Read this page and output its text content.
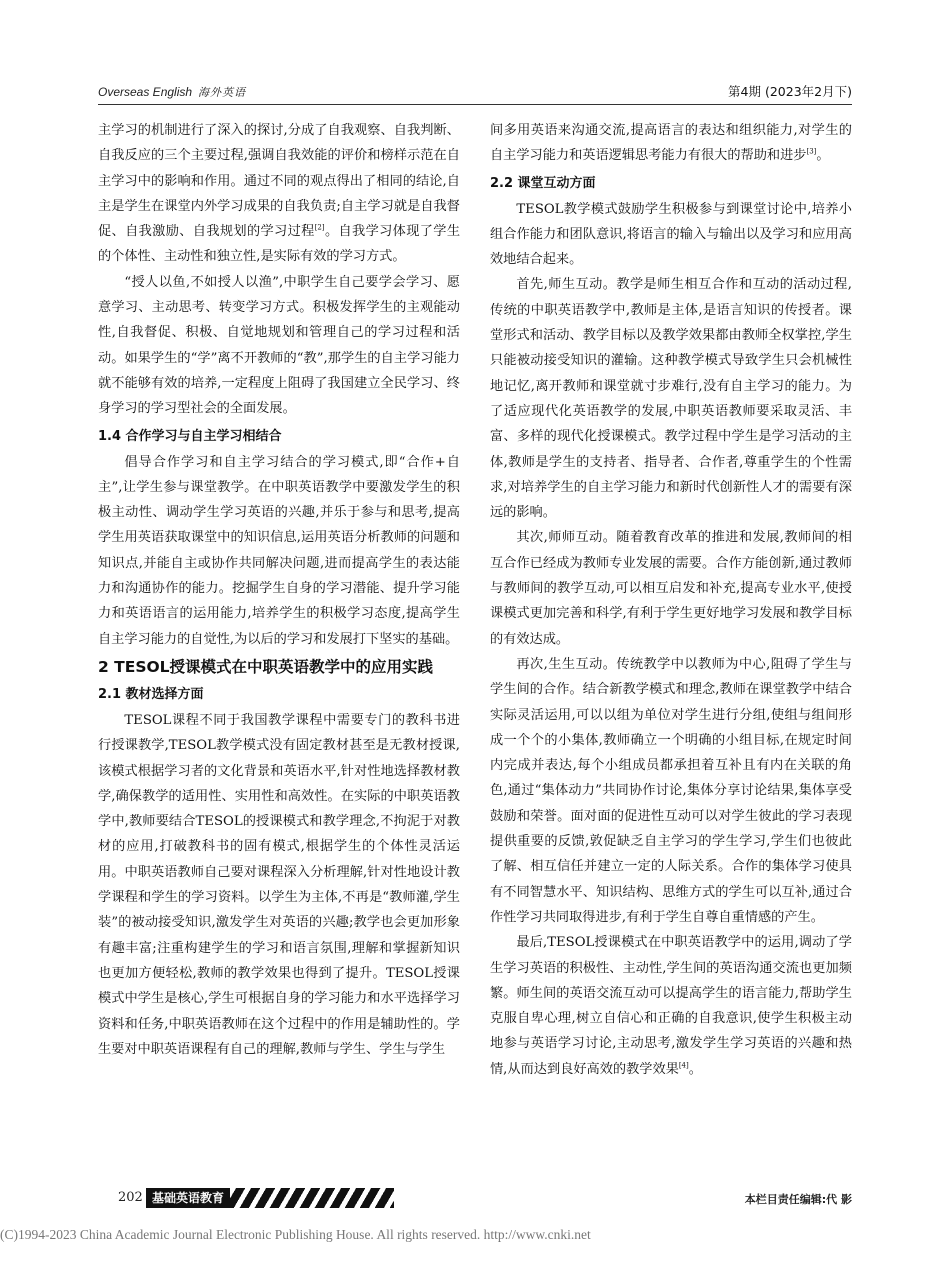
Overseas English 海外英语	第4期 (2023年2月下)

主学习的机制进行了深入的探讨,分成了自我观察、自我判断、自我反应的三个主要过程,强调自我效能的评价和榜样示范在自主学习中的影响和作用。通过不同的观点得出了相同的结论,自主是学生在课堂内外学习成果的自我负责;自主学习就是自我督促、自我激励、自我规划的学习过程[2]。自我学习体现了学生的个体性、主动性和独立性,是实际有效的学习方式。

“授人以鱼,不如授人以渔”,中职学生自己要学会学习、愿意学习、主动思考、转变学习方式。积极发挥学生的主观能动性,自我督促、积极、自觉地规划和管理自己的学习过程和活动。如果学生的“学”离不开教师的“教”,那学生的自主学习能力就不能够有效的培养,一定程度上阻碍了我国建立全民学习、终身学习的学习型社会的全面发展。

1.4 合作学习与自主学习相结合

倡导合作学习和自主学习结合的学习模式,即“合作+自主”,让学生参与课堂教学。在中职英语教学中要激发学生的积极主动性、调动学生学习英语的兴趣,并乐于参与和思考,提高学生用英语获取课堂中的知识信息,运用英语分析教师的问题和知识点,并能自主或协作共同解决问题,进而提高学生的表达能力和沟通协作的能力。挖掘学生自身的学习潜能、提升学习能力和英语语言的运用能力,培养学生的积极学习态度,提高学生自主学习能力的自觉性,为以后的学习和发展打下坚实的基础。

2 TESOL授课模式在中职英语教学中的应用实践
2.1 教材选择方面

TESOL课程不同于我国教学课程中需要专门的教科书进行授课教学,TESOL教学模式没有固定教材甚至是无教材授课,该模式根据学习者的文化背景和英语水平,针对性地选择教材教学,确保教学的适用性、实用性和高效性。在实际的中职英语教学中,教师要结合TESOL的授课模式和教学理念,不拘泥于对教材的应用,打破教科书的固有模式,根据学生的个体性灵活运用。中职英语教师自己要对课程深入分析理解,针对性地设计教学课程和学生的学习资料。以学生为主体,不再是“教师灌,学生装”的被动接受知识,激发学生对英语的兴趣;教学也会更加形象有趣丰富;注重构建学生的学习和语言氛围,理解和掌握新知识也更加方便轻松,教师的教学效果也得到了提升。TESOL授课模式中学生是核心,学生可根据自身的学习能力和水平选择学习资料和任务,中职英语教师在这个过程中的作用是辅助性的。学生要对中职英语课程有自己的理解,教师与学生、学生与学生

间多用英语来沟通交流,提高语言的表达和组织能力,对学生的自主学习能力和英语逻辑思考能力有很大的帮助和进步[3]。

2.2 课堂互动方面

TESOL教学模式鼓励学生积极参与到课堂讨论中,培养小组合作能力和团队意识,将语言的输入与输出以及学习和应用高效地结合起来。

首先,师生互动。教学是师生相互合作和互动的活动过程,传统的中职英语教学中,教师是主体,是语言知识的传授者。课堂形式和活动、教学目标以及教学效果都由教师全权掌控,学生只能被动接受知识的灌输。这种教学模式导致学生只会机械性地记忆,离开教师和课堂就寸步难行,没有自主学习的能力。为了适应现代化英语教学的发展,中职英语教师要采取灵活、丰富、多样的现代化授课模式。教学过程中学生是学习活动的主体,教师是学生的支持者、指导者、合作者,尊重学生的个性需求,对培养学生的自主学习能力和新时代创新性人才的需要有深远的影响。

其次,师师互动。随着教育改革的推进和发展,教师间的相互合作已经成为教师专业发展的需要。合作方能创新,通过教师与教师间的教学互动,可以相互启发和补充,提高专业水平,使授课模式更加完善和科学,有利于学生更好地学习发展和教学目标的有效达成。

再次,生生互动。传统教学中以教师为中心,阻碍了学生与学生间的合作。结合新教学模式和理念,教师在课堂教学中结合实际灵活运用,可以以组为单位对学生进行分组,使组与组间形成一个个的小集体,教师确立一个明确的小组目标,在规定时间内完成并表达,每个小组成员都承担着互补且有内在关联的角色,通过“集体动力”共同协作讨论,集体分享讨论结果,集体享受鼓励和荣誉。面对面的促进性互动可以对学生彼此的学习表现提供重要的反馈,敦促缺乏自主学习的学生学习,学生们也彼此了解、相互信任并建立一定的人际关系。合作的集体学习使具有不同智慧水平、知识结构、思维方式的学生可以互补,通过合作性学习共同取得进步,有利于学生自尊自重情感的产生。

最后,TESOL授课模式在中职英语教学中的运用,调动了学生学习英语的积极性、主动性,学生间的英语沟通交流也更加频繁。师生间的英语交流互动可以提高学生的语言能力,帮助学生克服自卑心理,树立自信心和正确的自我意识,使学生积极主动地参与英语学习讨论,主动思考,激发学生学习英语的兴趣和热情,从而达到良好高效的教学效果[4]。

202 基础英语教育	本栏目责任编辑:代 影
(C)1994-2023 China Academic Journal Electronic Publishing House. All rights reserved. http://www.cnki.net
